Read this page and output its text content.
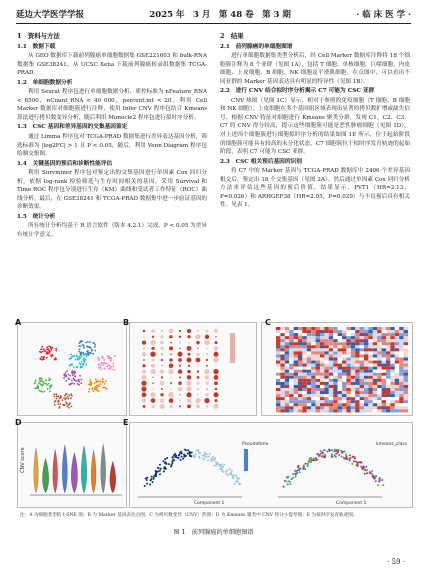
延边大学医学学报	2025 年　3 月　第 48 卷　第 3 期	· 临 床 医 学 ·
1　资料与方法
1.1　数据下载

从 GEO 数据库下载前列腺癌单细胞数据集 GSE221603 和 bulk-RNA 数据集 GSE38241，从 UCSC Xena 下载前列腺癌转录组数据集 TCGA-PRAD。

1.2　单细胞数据分析

利用 Seurat 程序包进行单细胞数据分析，质控标准为 nFeature_RNA < 6500，nCount_RNA < 40 000，percent.mt < 20。利用 Cell Marker 数据库对细胞簇进行注释，使用 Infer CNV 程序包结合 Kmeans 算法进行拷贝数变异分析，随后利用 Monocle2 程序包进行拟时序分析。

1.3　CSC 基因和差异基因的交集基因鉴定

通过 Limma 程序包对 TCGA-PRAD 数据集进行差异表达基因分析，筛选标准为 |log2FC| > 1 且 P < 0.05，随后，利用 Venn Diagram 程序包绘制交集图。

1.4　关键基因的预后和诊断性能评估

利用 Survminer 程序包对鉴定出的交集基因进行单因素 Cox 回归分析，依据 log-rank 检验筛选与生存时间相关的基因。采用 Survival 和 Time ROC 程序包分别进行生存（KM）曲线和受试者工作特征（ROC）曲线分析。最后，在 GSE38241 和 TCGA-PRAD 数据集中进一步验证基因的诊断效果。

1.5　统计分析

所有统计分析均基于 R 语言软件（版本 4.2.1）完成，P < 0.05 为差异有统计学意义。

2　结果
2.1　前列腺癌的单细胞图谱

进行单细胞数据集类型分析后，经 Cell Marker 数据库注释将 18 个细胞簇注释为 8 个亚群（见图 1A），包括 T 细胞、单核细胞、巨噬细胞、内皮细胞、上皮细胞、B 细胞、NK 细胞及平滑肌细胞。在点图中，可以看出不同亚群的 Marker 基因表达具有明显的特异性（见图 1B）。

2.2　进行 CNV 结合拟时序分析揭示 C7 可能为 CSC 亚群

CNV 热图（见图 1C）显示，相对于参照的免疫细胞（T 细胞、B 细胞和 NK 细胞），上皮细胞在多个基因组区域表现出显著的拷贝数扩增或缺失信号。根据 CNV 特征对细胞进行 Kmeans 聚类分群，发现 C1、C2、C3、C7 的 CNV 得分较高，提示这些细胞簇可能是恶性肿瘤细胞（见图 1D）。对上述四个细胞簇进行细胞拟时序分析的结果如图 1E 所示，位于起始阶段的细胞簇可能具有较高的未分化状态，C7 细胞簇位于拟时序发育轨迹的起始阶段，表明 C7 可能为 CSC 亚群。

2.3　CSC 相关预后基因的识别

将 C7 中的 Marker 基因与 TCGA-PRAD 数据库中 2406 个差异基因相交后，鉴定出 18 个交集基因（见图 2A）。然后通过单因素 Cox 回归分析方法来评估这些基因的预后价值，结果显示，PVT1（HR=2.13，P=0.026）和 ARHGEF38（HR=2.05，P=0.029）与不良预后具有相关性。见表 1。

A	B	C
CNV score
D
Component 1	Component 1
Pseudotime	kmeans_class
E
注：A 为细胞类型的 t-SNE 图；B 为 Marker 基因表达点图；C 为拷贝数变异（CNV）热图；D 为 Kmeans 聚类中 CNV 得分小提琴图；E 为拟时序发育轨迹图。
图 1　前列腺癌的单细胞图谱
· 59 ·
